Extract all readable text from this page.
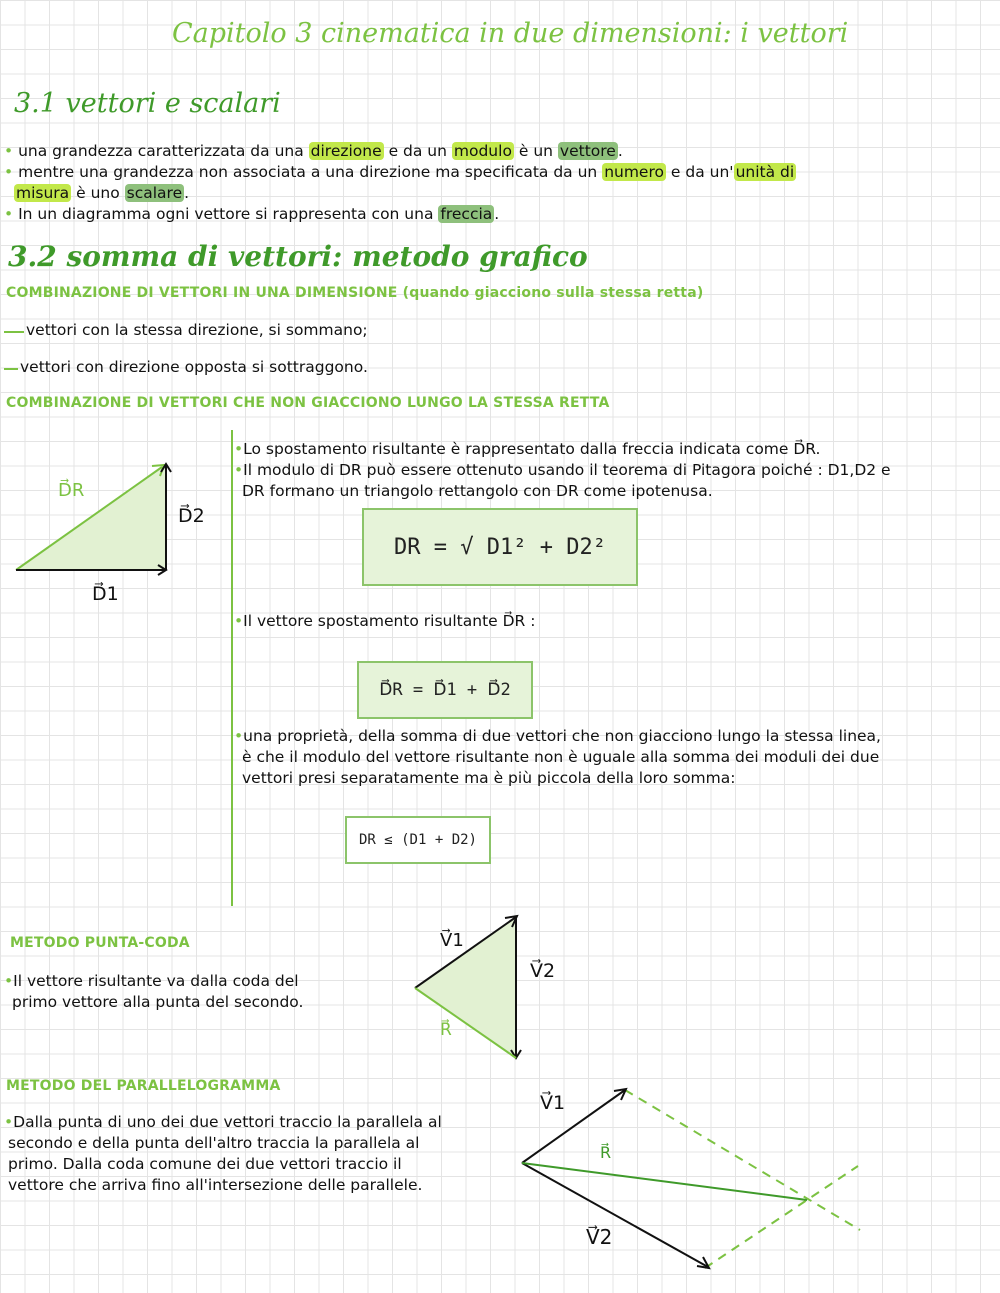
Capitolo 3 cinematica in due dimensioni: i vettori
3.1 vettori e scalari
• una grandezza caratterizzata da una direzione e da un modulo è un vettore .
• mentre una grandezza non associata a una direzione ma specificata da un numero e da un' unità di
misura è uno scalare .
• In un diagramma ogni vettore si rappresenta con una freccia .
3.2 somma di vettori: metodo grafico
COMBINAZIONE DI VETTORI IN UNA DIMENSIONE (quando giacciono sulla stessa retta)
vettori con la stessa direzione, si sommano;
vettori con direzione opposta si sottraggono.
COMBINAZIONE DI VETTORI CHE NON GIACCIONO LUNGO LA STESSA RETTA
D⃗R
D⃗2
D⃗1
•Lo spostamento risultante è rappresentato dalla freccia indicata come D⃗R.
•Il modulo di DR può essere ottenuto usando il teorema di Pitagora poiché : D1,D2 e
DR formano un triangolo rettangolo con DR come ipotenusa.
DR = √ D1² + D2²
•Il vettore spostamento risultante D⃗R :
D⃗R = D⃗1 + D⃗2
•una proprietà, della somma di due vettori che non giacciono lungo la stessa linea,
è che il modulo del vettore risultante non è uguale alla somma dei moduli dei due
vettori presi separatamente ma è più piccola della loro somma:
DR ≤ (D1 + D2)
METODO PUNTA-CODA
•Il vettore risultante va dalla coda del
primo vettore alla punta del secondo.
V⃗1
V⃗2
R⃗
METODO DEL PARALLELOGRAMMA
•Dalla punta di uno dei due vettori traccio la parallela al
secondo e della punta dell'altro traccia la parallela al
primo. Dalla coda comune dei due vettori traccio il
vettore che arriva fino all'intersezione delle parallele.
V⃗1
R⃗
V⃗2
